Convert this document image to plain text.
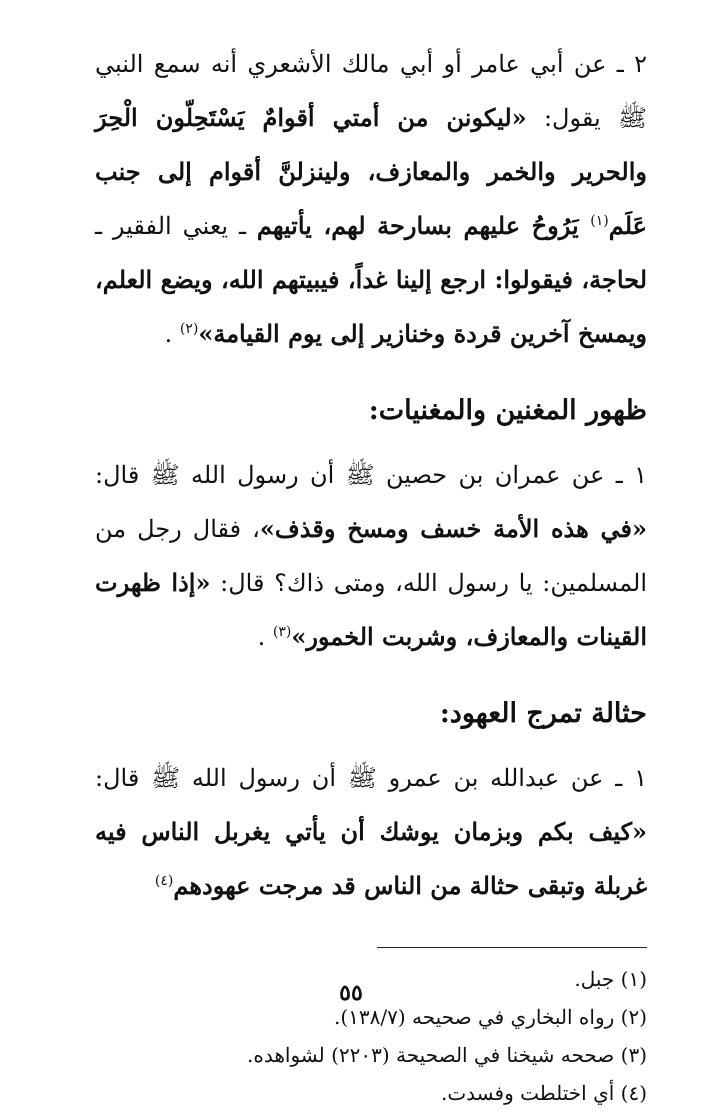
٢ ـ عن أبي عامر أو أبي مالك الأشعري أنه سمع النبي ﷺ يقول: «ليكونن من أمتي أقوامٌ يَسْتَحِلّون الْحِرَ والحرير والخمر والمعازف، ولينزلنَّ أقوام إلى جنب عَلَم$^{(١)}$ يَرُوحُ عليهم بسارحة لهم، يأتيهم ـ يعني الفقير ـ لحاجة، فيقولوا: ارجع إلينا غداً، فيبيتهم الله، ويضع العلم، ويمسخ آخرين قردة وخنازير إلى يوم القيامة»$^{(٢)}$ .

ظهور المغنين والمغنيات:

١ ـ عن عمران بن حصين ﷺ أن رسول الله ﷺ قال: «في هذه الأمة خسف ومسخ وقذف»، فقال رجل من المسلمين: يا رسول الله، ومتى ذاك؟ قال: «إذا ظهرت القينات والمعازف، وشربت الخمور»$^{(٣)}$ .

حثالة تمرج العهود:

١ ـ عن عبدالله بن عمرو ﷺ أن رسول الله ﷺ قال: «كيف بكم وبزمان يوشك أن يأتي يغربل الناس فيه غربلة وتبقى حثالة من الناس قد مرجت عهودهم$^{(٤)}$

(١) جبل.

(٢) رواه البخاري في صحيحه (١٣٨/٧).

(٣) صححه شيخنا في الصحيحة (٢٢٠٣) لشواهده.

(٤) أي اختلطت وفسدت.

٥٥
